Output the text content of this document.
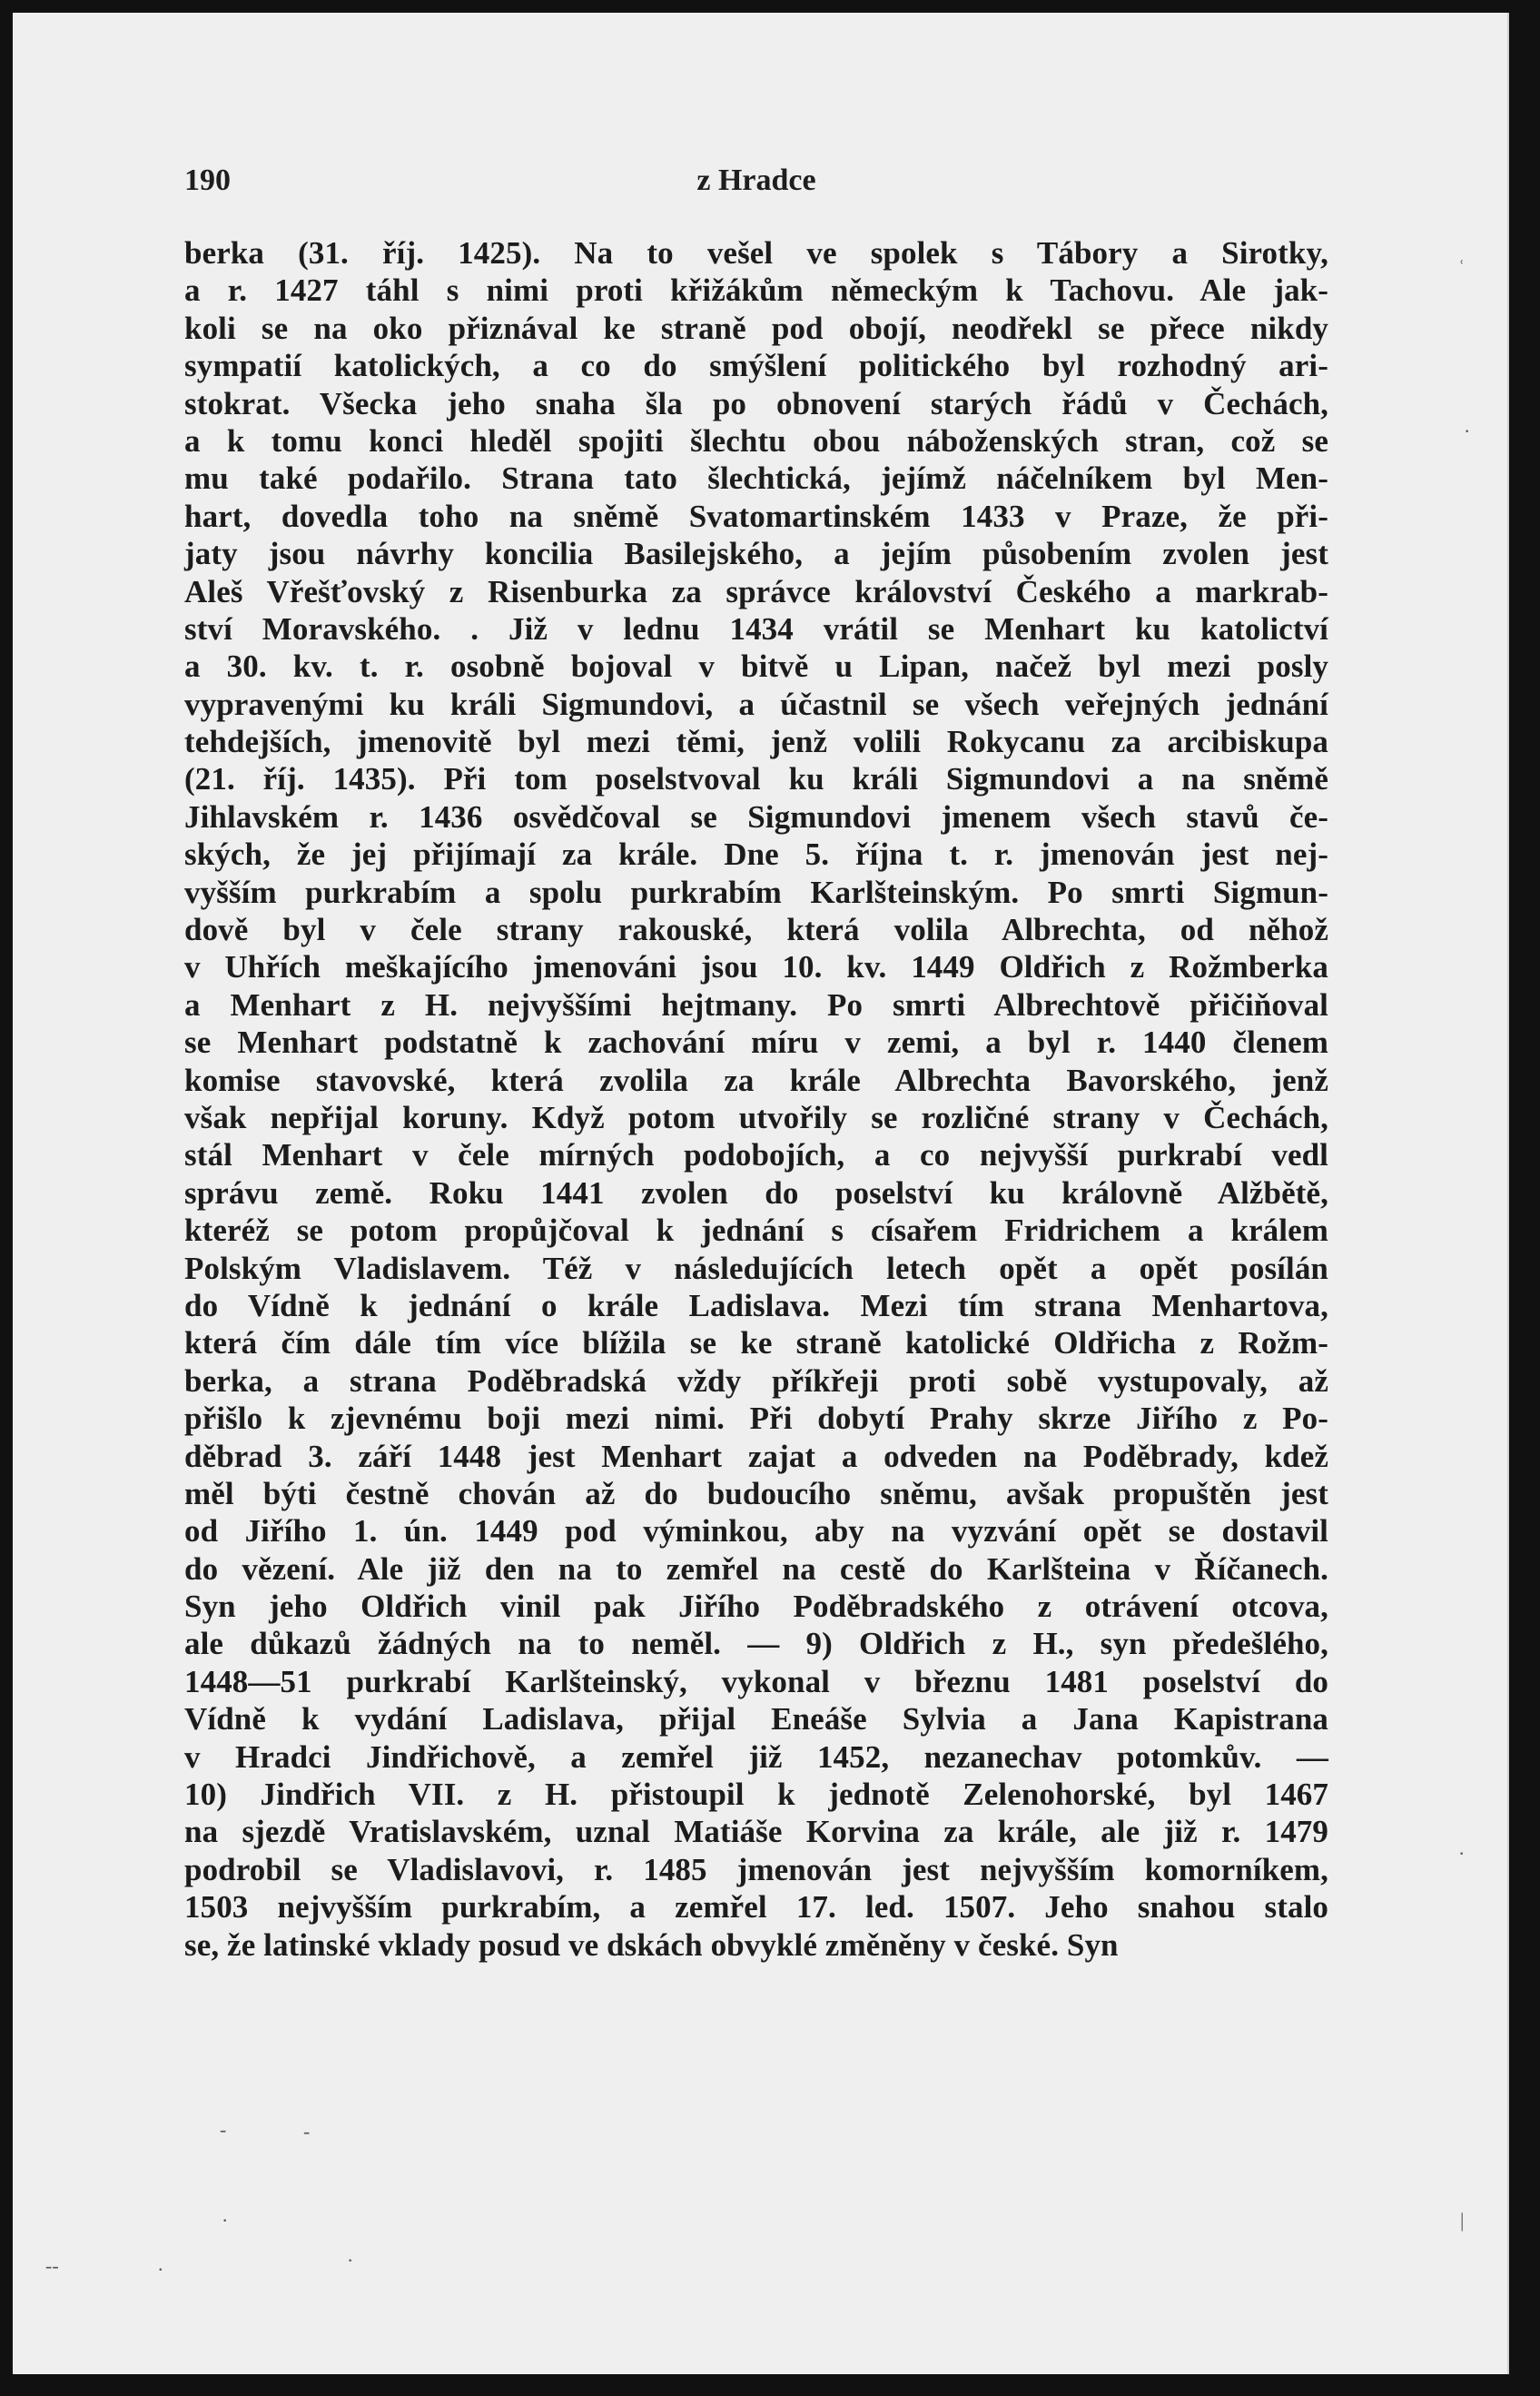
ʿ
·
-	-
·
--	.	·
·
|
190	z Hradce
berka (31. říj. 1425). Na to vešel ve spolek s Tábory a Sirotky,
a r. 1427 táhl s nimi proti křižákům německým k Tachovu. Ale jak-
koli se na oko přiznával ke straně pod obojí, neodřekl se přece nikdy
sympatií katolických, a co do smýšlení politického byl rozhodný ari-
stokrat. Všecka jeho snaha šla po obnovení starých řádů v Čechách,
a k tomu konci hleděl spojiti šlechtu obou náboženských stran, což se
mu také podařilo. Strana tato šlechtická, jejímž náčelníkem byl Men-
hart, dovedla toho na sněmě Svatomartinském 1433 v Praze, že při-
jaty jsou návrhy koncilia Basilejského, a jejím působením zvolen jest
Aleš Vřešťovský z Risenburka za správce království Českého a markrab-
ství Moravského. . Již v lednu 1434 vrátil se Menhart ku katolictví
a 30. kv. t. r. osobně bojoval v bitvě u Lipan, načež byl mezi posly
vypravenými ku králi Sigmundovi, a účastnil se všech veřejných jednání
tehdejších, jmenovitě byl mezi těmi, jenž volili Rokycanu za arcibiskupa
(21. říj. 1435). Při tom poselstvoval ku králi Sigmundovi a na sněmě
Jihlavském r. 1436 osvědčoval se Sigmundovi jmenem všech stavů če-
ských, že jej přijímají za krále. Dne 5. října t. r. jmenován jest nej-
vyšším purkrabím a spolu purkrabím Karlšteinským. Po smrti Sigmun-
dově byl v čele strany rakouské, která volila Albrechta, od něhož
v Uhřích meškajícího jmenováni jsou 10. kv. 1449 Oldřich z Rožmberka
a Menhart z H. nejvyššími hejtmany. Po smrti Albrechtově přičiňoval
se Menhart podstatně k zachování míru v zemi, a byl r. 1440 členem
komise stavovské, která zvolila za krále Albrechta Bavorského, jenž
však nepřijal koruny. Když potom utvořily se rozličné strany v Čechách,
stál Menhart v čele mírných podobojích, a co nejvyšší purkrabí vedl
správu země. Roku 1441 zvolen do poselství ku královně Alžbětě,
kteréž se potom propůjčoval k jednání s císařem Fridrichem a králem
Polským Vladislavem. Též v následujících letech opět a opět posílán
do Vídně k jednání o krále Ladislava. Mezi tím strana Menhartova,
která čím dále tím více blížila se ke straně katolické Oldřicha z Rožm-
berka, a strana Poděbradská vždy příkřeji proti sobě vystupovaly, až
přišlo k zjevnému boji mezi nimi. Při dobytí Prahy skrze Jiřího z Po-
děbrad 3. září 1448 jest Menhart zajat a odveden na Poděbrady, kdež
měl býti čestně chován až do budoucího sněmu, avšak propuštěn jest
od Jiřího 1. ún. 1449 pod výminkou, aby na vyzvání opět se dostavil
do vězení. Ale již den na to zemřel na cestě do Karlšteina v Říčanech.
Syn jeho Oldřich vinil pak Jiřího Poděbradského z otrávení otcova,
ale důkazů žádných na to neměl. — 9) Oldřich z H., syn předešlého,
1448—51 purkrabí Karlšteinský, vykonal v březnu 1481 poselství do
Vídně k vydání Ladislava, přijal Eneáše Sylvia a Jana Kapistrana
v Hradci Jindřichově, a zemřel již 1452, nezanechav potomkův. —
10) Jindřich VII. z H. přistoupil k jednotě Zelenohorské, byl 1467
na sjezdě Vratislavském, uznal Matiáše Korvina za krále, ale již r. 1479
podrobil se Vladislavovi, r. 1485 jmenován jest nejvyšším komorníkem,
1503 nejvyšším purkrabím, a zemřel 17. led. 1507. Jeho snahou stalo
se, že latinské vklady posud ve dskách obvyklé změněny v české. Syn
